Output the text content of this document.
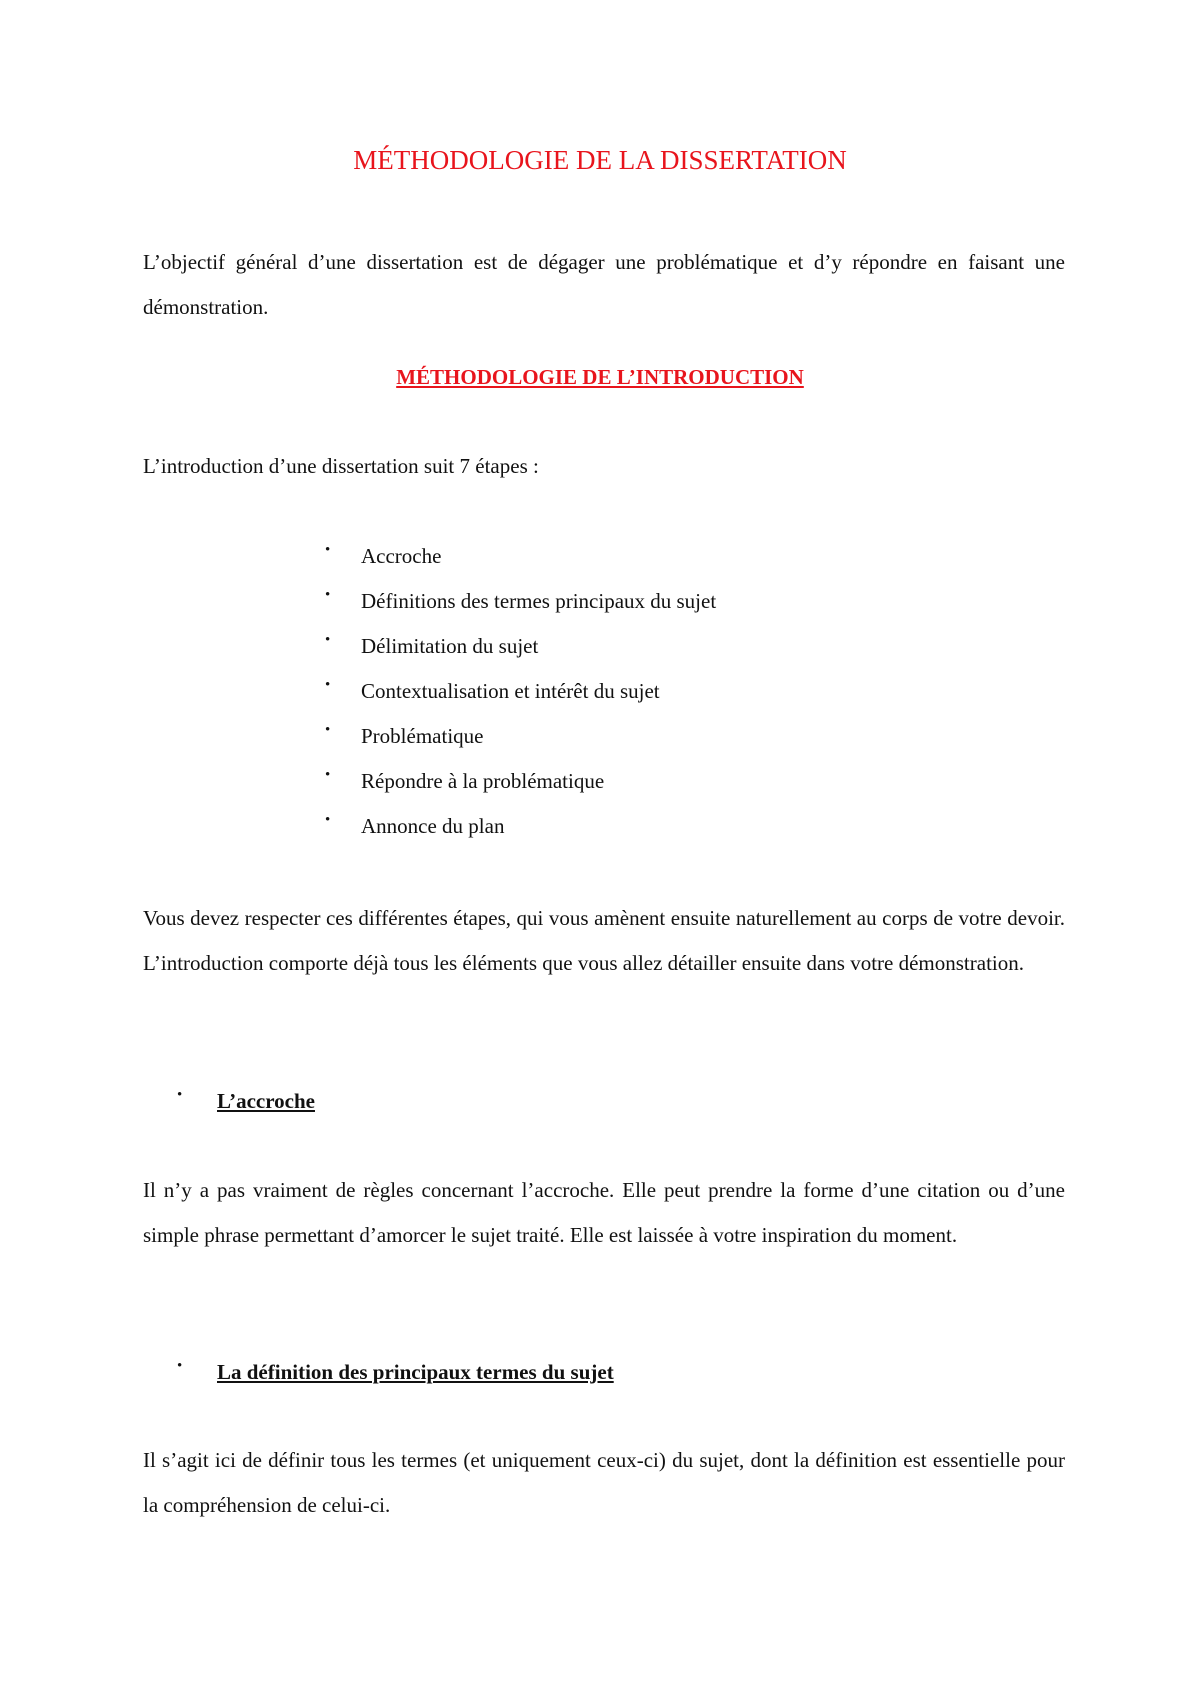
MÉTHODOLOGIE DE LA DISSERTATION

L’objectif général d’une dissertation est de dégager une problématique et d’y répondre en faisant une démonstration.

MÉTHODOLOGIE DE L’INTRODUCTION

L’introduction d’une dissertation suit 7 étapes :

•	Accroche
•	Définitions des termes principaux du sujet
•	Délimitation du sujet
•	Contextualisation et intérêt du sujet
•	Problématique
•	Répondre à la problématique
•	Annonce du plan

Vous devez respecter ces différentes étapes, qui vous amènent ensuite naturellement au corps de votre devoir. L’introduction comporte déjà tous les éléments que vous allez détailler ensuite dans votre démonstration.

•	L’accroche

Il n’y a pas vraiment de règles concernant l’accroche. Elle peut prendre la forme d’une citation ou d’une simple phrase permettant d’amorcer le sujet traité. Elle est laissée à votre inspiration du moment.

•	La définition des principaux termes du sujet

Il s’agit ici de définir tous les termes (et uniquement ceux-ci) du sujet, dont la définition est essentielle pour la compréhension de celui-ci.
